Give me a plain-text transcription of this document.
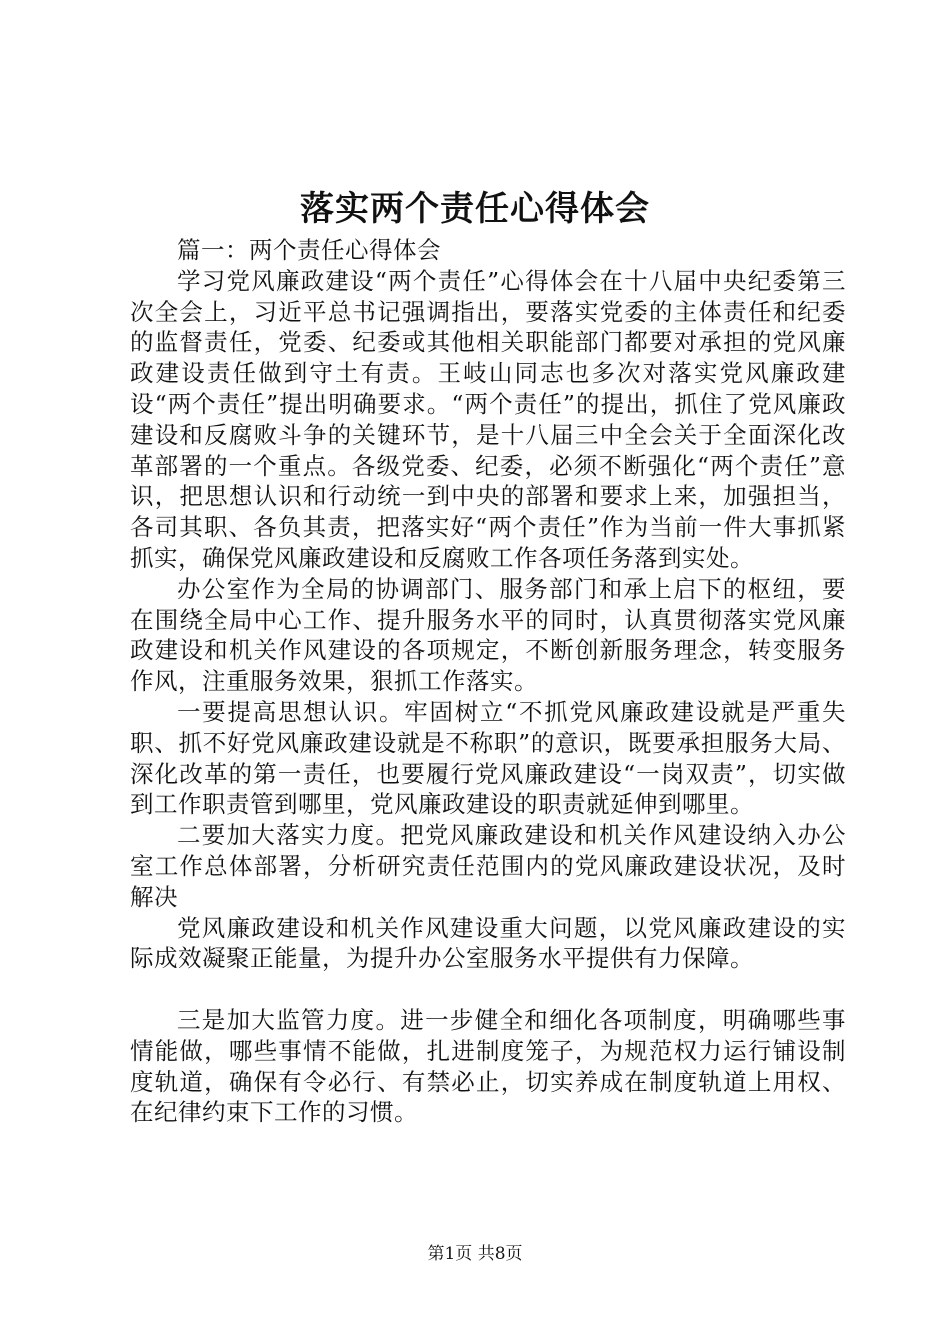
落实两个责任心得体会

篇一：两个责任心得体会

学习党风廉政建设“两个责任”心得体会在十八届中央纪委第三次全会上，习近平总书记强调指出，要落实党委的主体责任和纪委的监督责任，党委、纪委或其他相关职能部门都要对承担的党风廉政建设责任做到守土有责。王岐山同志也多次对落实党风廉政建设“两个责任”提出明确要求。“两个责任”的提出，抓住了党风廉政建设和反腐败斗争的关键环节，是十八届三中全会关于全面深化改革部署的一个重点。各级党委、纪委，必须不断强化“两个责任”意识，把思想认识和行动统一到中央的部署和要求上来，加强担当，各司其职、各负其责，把落实好“两个责任”作为当前一件大事抓紧抓实，确保党风廉政建设和反腐败工作各项任务落到实处。

办公室作为全局的协调部门、服务部门和承上启下的枢纽，要在围绕全局中心工作、提升服务水平的同时，认真贯彻落实党风廉政建设和机关作风建设的各项规定，不断创新服务理念，转变服务作风，注重服务效果，狠抓工作落实。

一要提高思想认识。牢固树立“不抓党风廉政建设就是严重失职、抓不好党风廉政建设就是不称职”的意识，既要承担服务大局、深化改革的第一责任，也要履行党风廉政建设“一岗双责”，切实做到工作职责管到哪里，党风廉政建设的职责就延伸到哪里。

二要加大落实力度。把党风廉政建设和机关作风建设纳入办公室工作总体部署，分析研究责任范围内的党风廉政建设状况，及时解决

党风廉政建设和机关作风建设重大问题，以党风廉政建设的实际成效凝聚正能量，为提升办公室服务水平提供有力保障。

三是加大监管力度。进一步健全和细化各项制度，明确哪些事情能做，哪些事情不能做，扎进制度笼子，为规范权力运行铺设制度轨道，确保有令必行、有禁必止，切实养成在制度轨道上用权、在纪律约束下工作的习惯。

第1页 共8页
